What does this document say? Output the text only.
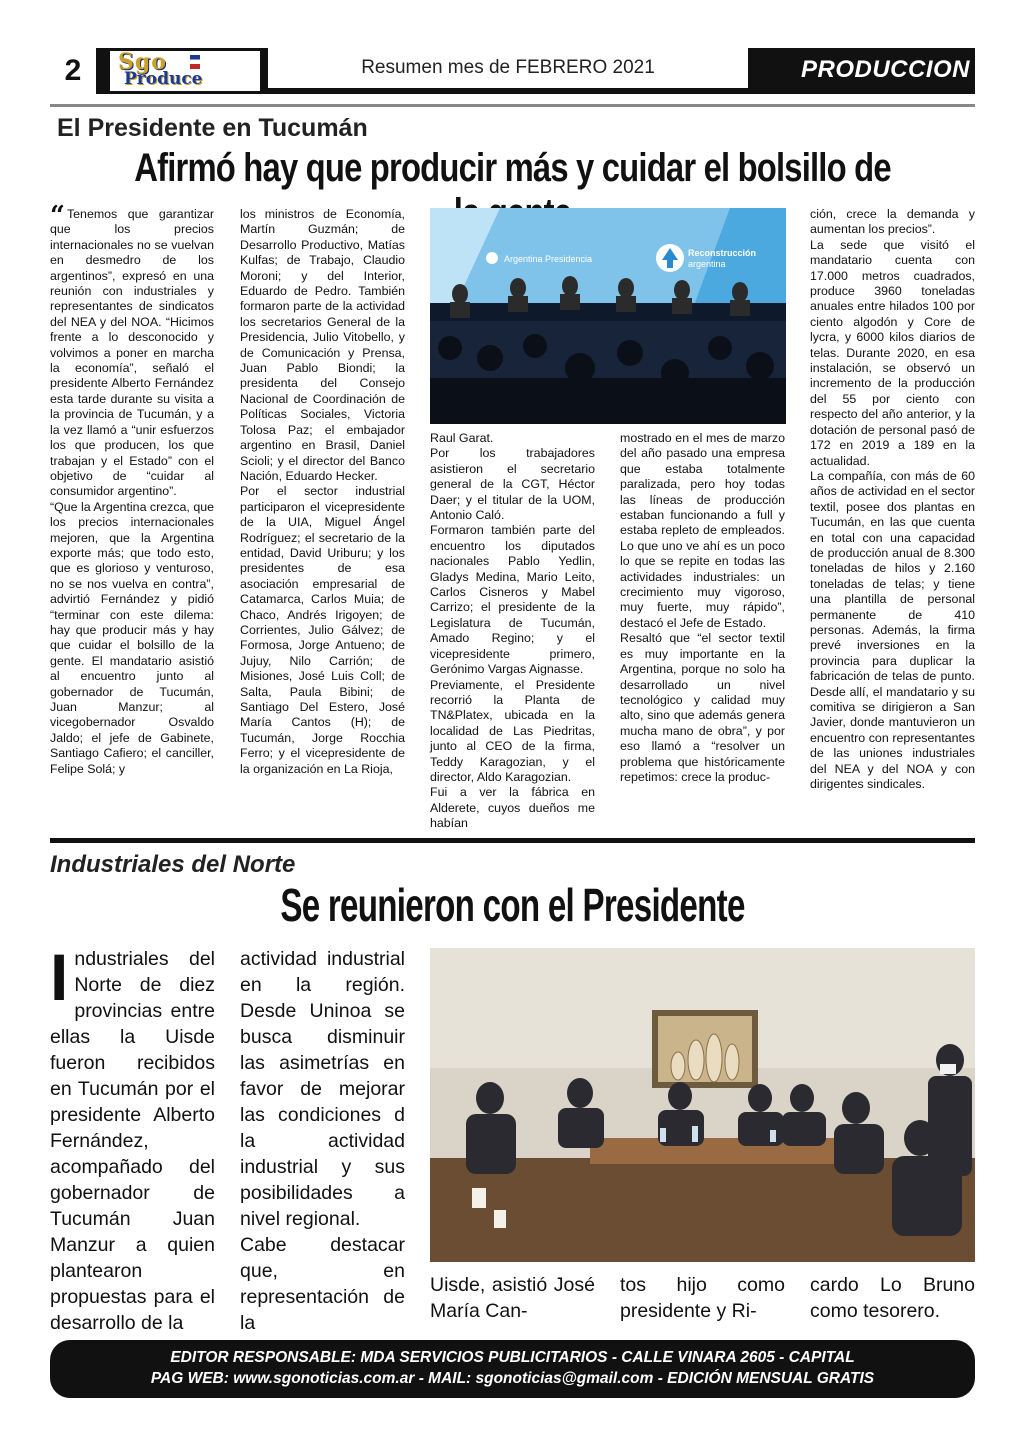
2	Sgo
Produce
Resumen mes de FEBRERO 2021	PRODUCCION
El Presidente en Tucumán
Afirmó hay que producir más y cuidar el bolsillo de

“ Tenemos que garantizar que los precios internacionales no se vuelvan en desmedro de los argentinos”, expresó en una reunión con industriales y representantes de sindicatos del NEA y del NOA. “Hicimos frente a lo desconocido y volvimos a poner en marcha la economía”, señaló el presidente Alberto Fernández esta tarde durante su visita a la provincia de Tucumán, y a la vez llamó a “unir esfuerzos los que producen, los que trabajan y el Estado” con el objetivo de “cuidar al consumidor argentino”.

“Que la Argentina crezca, que los precios internacionales mejoren, que la Argentina exporte más; que todo esto, que es glorioso y venturoso, no se nos vuelva en contra”, advirtió Fernández y pidió “terminar con este dilema: hay que producir más y hay que cuidar el bolsillo de la gente. El mandatario asistió al encuentro junto al gobernador de Tucumán, Juan Manzur; al vicegobernador Osvaldo Jaldo; el jefe de Gabinete, Santiago Cafiero; el canciller, Felipe Solá; y

los ministros de Economía, Martín Guzmán; de Desarrollo Productivo, Matías Kulfas; de Trabajo, Claudio Moroni; y del Interior, Eduardo de Pedro. También formaron parte de la actividad los secretarios General de la Presidencia, Julio Vitobello, y de Comunicación y Prensa, Juan Pablo Biondi; la presidenta del Consejo Nacional de Coordinación de Políticas Sociales, Victoria Tolosa Paz; el embajador argentino en Brasil, Daniel Scioli; y el director del Banco Nación, Eduardo Hecker.

Por el sector industrial participaron el vicepresidente de la UIA, Miguel Ángel Rodríguez; el secretario de la entidad, David Uriburu; y los presidentes de esa asociación empresarial de Catamarca, Carlos Muia; de Chaco, Andrés Irigoyen; de Corrientes, Julio Gálvez; de Formosa, Jorge Antueno; de Jujuy, Nilo Carrión; de Misiones, José Luis Coll; de Salta, Paula Bibini; de Santiago Del Estero, José María Cantos (H); de Tucumán, Jorge Rocchia Ferro; y el vicepresidente de la organización en La Rioja,

Argentina Presidencia
Reconstrucción
argentina

Raul Garat.

Por los trabajadores asistieron el secretario general de la CGT, Héctor Daer; y el titular de la UOM, Antonio Caló.

Formaron también parte del encuentro los diputados nacionales Pablo Yedlin, Gladys Medina, Mario Leito, Carlos Cisneros y Mabel Carrizo; el presidente de la Legislatura de Tucumán, Amado Regino; y el vicepresidente primero, Gerónimo Vargas Aignasse.

Previamente, el Presidente recorrió la Planta de TN&Platex, ubicada en la localidad de Las Piedritas, junto al CEO de la firma, Teddy Karagozian, y el director, Aldo Karagozian.

Fui a ver la fábrica en Alderete, cuyos dueños me habían

mostrado en el mes de marzo del año pasado una empresa que estaba totalmente paralizada, pero hoy todas las líneas de producción estaban funcionando a full y estaba repleto de empleados. Lo que uno ve ahí es un poco lo que se repite en todas las actividades industriales: un crecimiento muy vigoroso, muy fuerte, muy rápido”, destacó el Jefe de Estado.

Resaltó que “el sector textil es muy importante en la Argentina, porque no solo ha desarrollado un nivel tecnológico y calidad muy alto, sino que además genera mucha mano de obra”, y por eso llamó a “resolver un problema que históricamente repetimos: crece la produc-

ción, crece la demanda y aumentan los precios”.

La sede que visitó el mandatario cuenta con 17.000 metros cuadrados, produce 3960 toneladas anuales entre hilados 100 por ciento algodón y Core de lycra, y 6000 kilos diarios de telas. Durante 2020, en esa instalación, se observó un incremento de la producción del 55 por ciento con respecto del año anterior, y la dotación de personal pasó de 172 en 2019 a 189 en la actualidad.

La compañía, con más de 60 años de actividad en el sector textil, posee dos plantas en Tucumán, en las que cuenta en total con una capacidad de producción anual de 8.300 toneladas de hilos y 2.160 toneladas de telas; y tiene una plantilla de personal permanente de 410 personas. Además, la firma prevé inversiones en la provincia para duplicar la fabricación de telas de punto. Desde allí, el mandatario y su comitiva se dirigieron a San Javier, donde mantuvieron un encuentro con representantes de las uniones industriales del NEA y del NOA y con dirigentes sindicales.

Industriales del Norte
Se reunieron con el Presidente

Industriales del Norte de diez provincias entre ellas la Uisde fueron recibidos en Tucumán por el presidente Alberto Fernández, acompañado del gobernador de Tucumán Juan Manzur a quien plantearon propuestas para el desarrollo de la

actividad industrial en la región. Desde Uninoa se busca disminuir las asimetrías en favor de mejorar las condiciones d la actividad industrial y sus posibilidades a nivel regional.

Cabe destacar que, en representación de la

Uisde, asistió José María Can-

tos hijo como presidente y Ri-

cardo Lo Bruno como tesorero.

EDITOR RESPONSABLE: MDA SERVICIOS PUBLICITARIOS - CALLE VINARA 2605 - CAPITAL
PAG WEB: www.sgonoticias.com.ar - MAIL: sgonoticias@gmail.com - EDICIÓN MENSUAL GRATIS
